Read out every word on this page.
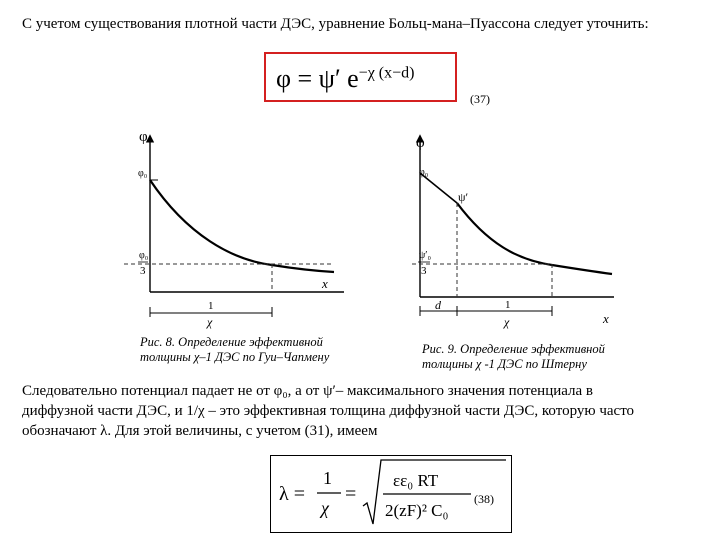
С учетом существования плотной части ДЭС, уравнение Больц-мана–Пуассона следует уточнить:
φ = ψ′ $e^{-\chi (x-d)}$
(37)
φ
φ₀
φ₀
3
x
1
χ
Рис. 8. Определение эффективной
толщины χ–1 ДЭС по Гуи–Чапмену
φ
φ₀
ψ′
ψ′₀
3
x
d	1
χ
Рис. 9. Определение эффективной
толщины χ -1 ДЭС по Штерну
Следовательно потенциал падает не от φ₀, а от ψ′– максимального значения потенциала в
диффузной части ДЭС, и 1/χ – это эффективная толщина диффузной части ДЭС, которую часто
обозначают λ. Для этой величины, с учетом (31), имеем
λ =
1
χ
=
εε₀ RT
2(zF)² C₀
(38)
